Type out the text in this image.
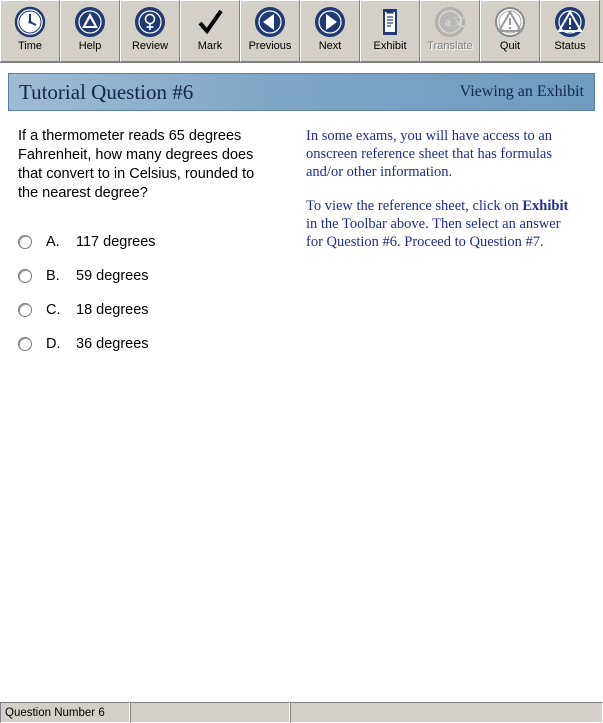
Time	Help	Review	Mark Previous Next	Exhibit
a 文
Translate Quit	Status
Tutorial Question #6	Viewing an Exhibit

If a thermometer reads 65 degrees Fahrenheit, how many degrees does that convert to in Celsius, rounded to the nearest degree?

A.	117 degrees
B.	59 degrees
C.	18 degrees
D.	36 degrees

In some exams, you will have access to an onscreen reference sheet that has formulas and/or other information.

To view the reference sheet, click on Exhibit in the Toolbar above. Then select an answer for Question #6. Proceed to Question #7.

Question Number 6
